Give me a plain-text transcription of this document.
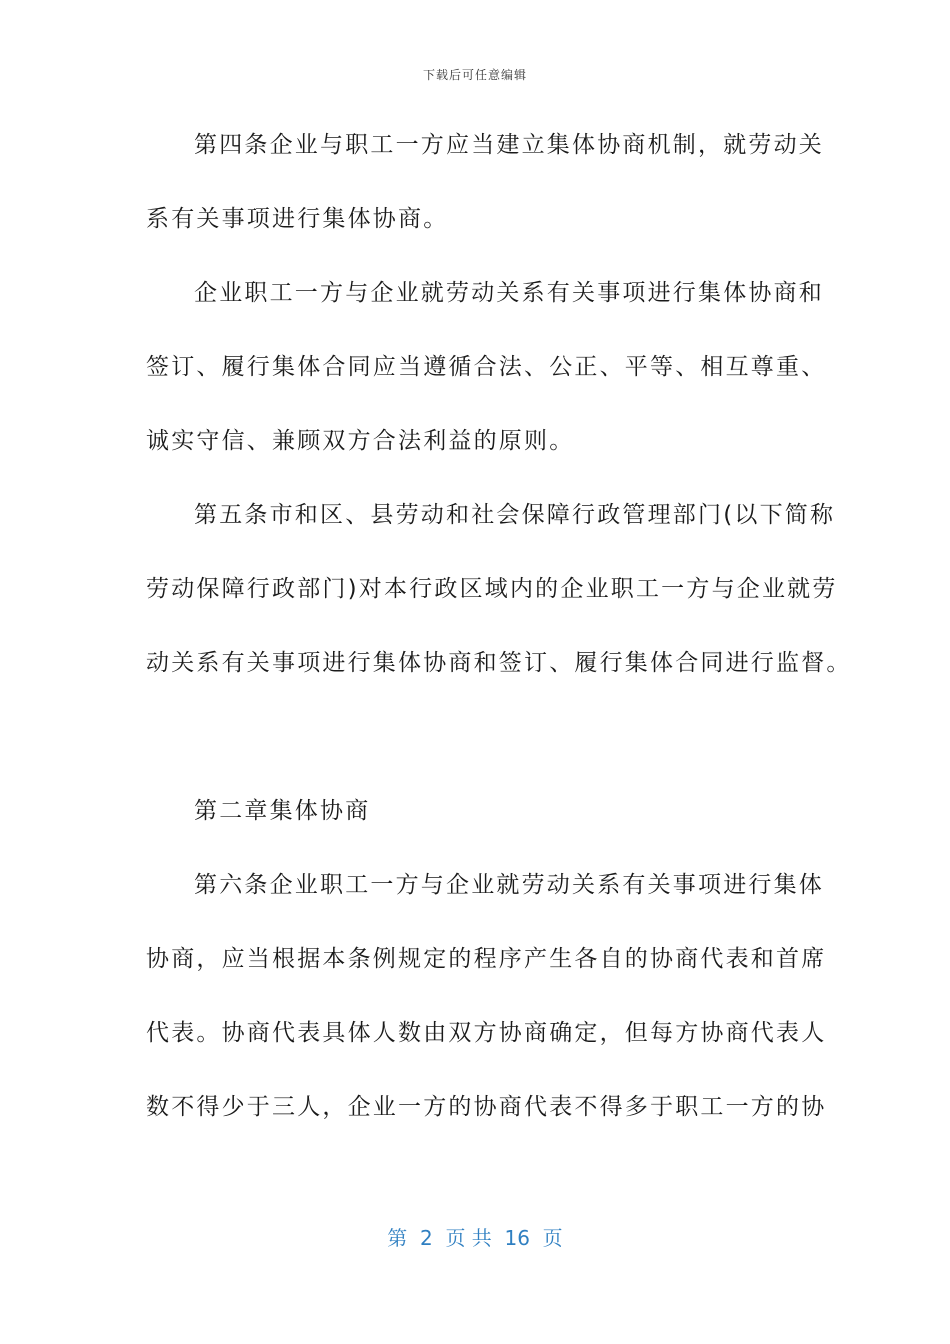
下载后可任意编辑
第四条企业与职工一方应当建立集体协商机制，就劳动关
系有关事项进行集体协商。
企业职工一方与企业就劳动关系有关事项进行集体协商和
签订、履行集体合同应当遵循合法、公正、平等、相互尊重、
诚实守信、兼顾双方合法利益的原则。
第五条市和区、县劳动和社会保障行政管理部门(以下简称
劳动保障行政部门)对本行政区域内的企业职工一方与企业就劳
动关系有关事项进行集体协商和签订、履行集体合同进行监督。
第二章集体协商
第六条企业职工一方与企业就劳动关系有关事项进行集体
协商，应当根据本条例规定的程序产生各自的协商代表和首席
代表。协商代表具体人数由双方协商确定，但每方协商代表人
数不得少于三人，企业一方的协商代表不得多于职工一方的协
第  2  页 共  16  页
